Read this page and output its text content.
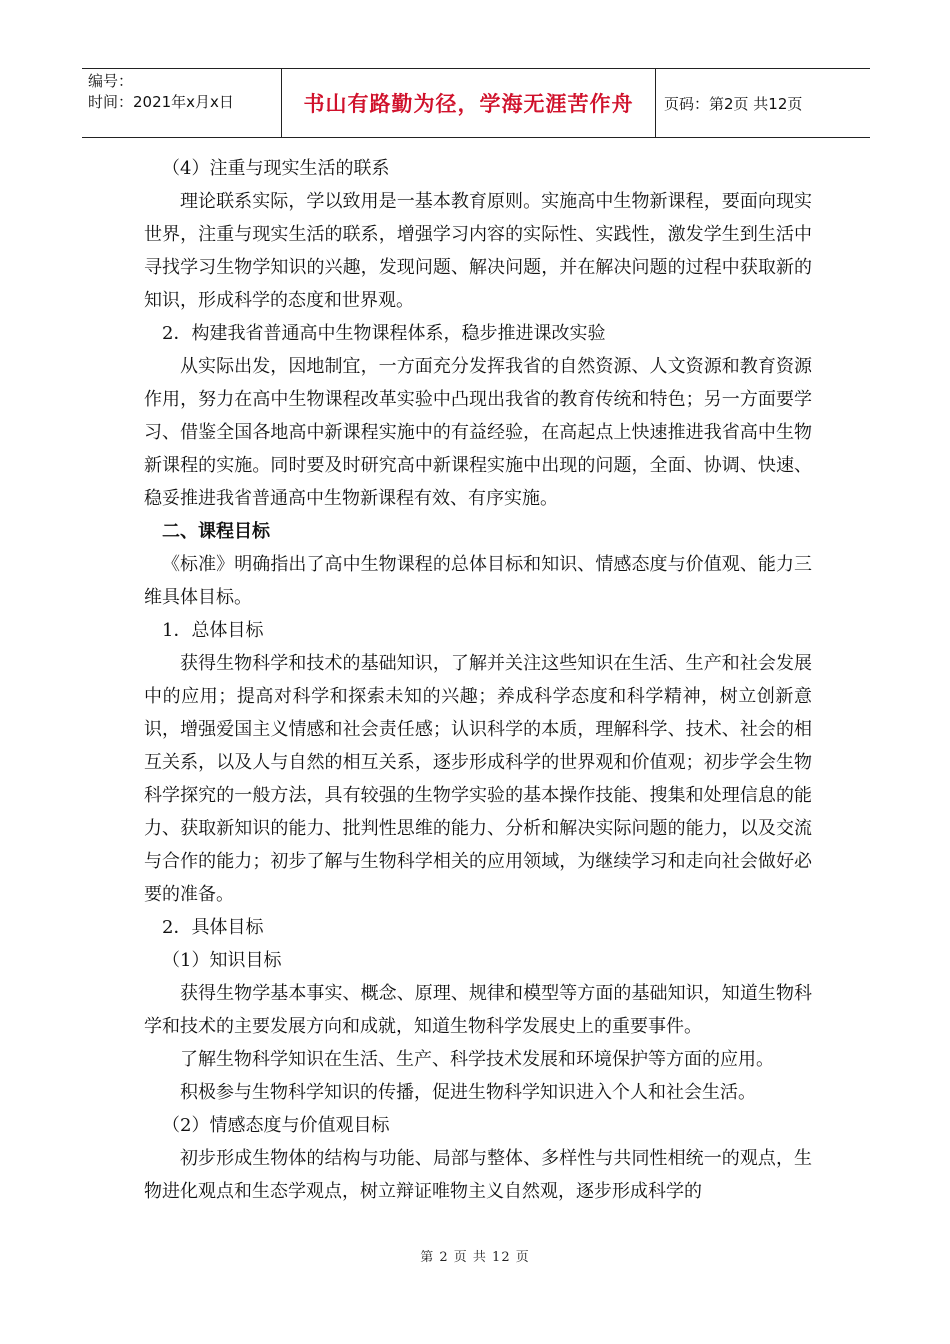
编号：
时间：2021年x月x日	书山有路勤为径，学海无涯苦作舟	页码：第2页 共12页

（4）注重与现实生活的联系

理论联系实际，学以致用是一基本教育原则。实施高中生物新课程，要面向现实世界，注重与现实生活的联系，增强学习内容的实际性、实践性，激发学生到生活中寻找学习生物学知识的兴趣，发现问题、解决问题，并在解决问题的过程中获取新的知识，形成科学的态度和世界观。

2．构建我省普通高中生物课程体系，稳步推进课改实验

从实际出发，因地制宜，一方面充分发挥我省的自然资源、人文资源和教育资源作用，努力在高中生物课程改革实验中凸现出我省的教育传统和特色；另一方面要学习、借鉴全国各地高中新课程实施中的有益经验，在高起点上快速推进我省高中生物新课程的实施。同时要及时研究高中新课程实施中出现的问题，全面、协调、快速、稳妥推进我省普通高中生物新课程有效、有序实施。

二、课程目标

《标准》明确指出了高中生物课程的总体目标和知识、情感态度与价值观、能力三维具体目标。

1．总体目标

获得生物科学和技术的基础知识，了解并关注这些知识在生活、生产和社会发展中的应用；提高对科学和探索未知的兴趣；养成科学态度和科学精神，树立创新意识，增强爱国主义情感和社会责任感；认识科学的本质，理解科学、技术、社会的相互关系，以及人与自然的相互关系，逐步形成科学的世界观和价值观；初步学会生物科学探究的一般方法，具有较强的生物学实验的基本操作技能、搜集和处理信息的能力、获取新知识的能力、批判性思维的能力、分析和解决实际问题的能力，以及交流与合作的能力；初步了解与生物科学相关的应用领域，为继续学习和走向社会做好必要的准备。

2．具体目标

（1）知识目标

获得生物学基本事实、概念、原理、规律和模型等方面的基础知识，知道生物科学和技术的主要发展方向和成就，知道生物科学发展史上的重要事件。

了解生物科学知识在生活、生产、科学技术发展和环境保护等方面的应用。

积极参与生物科学知识的传播，促进生物科学知识进入个人和社会生活。

（2）情感态度与价值观目标

初步形成生物体的结构与功能、局部与整体、多样性与共同性相统一的观点，生物进化观点和生态学观点，树立辩证唯物主义自然观，逐步形成科学的

第 2 页 共 12 页
